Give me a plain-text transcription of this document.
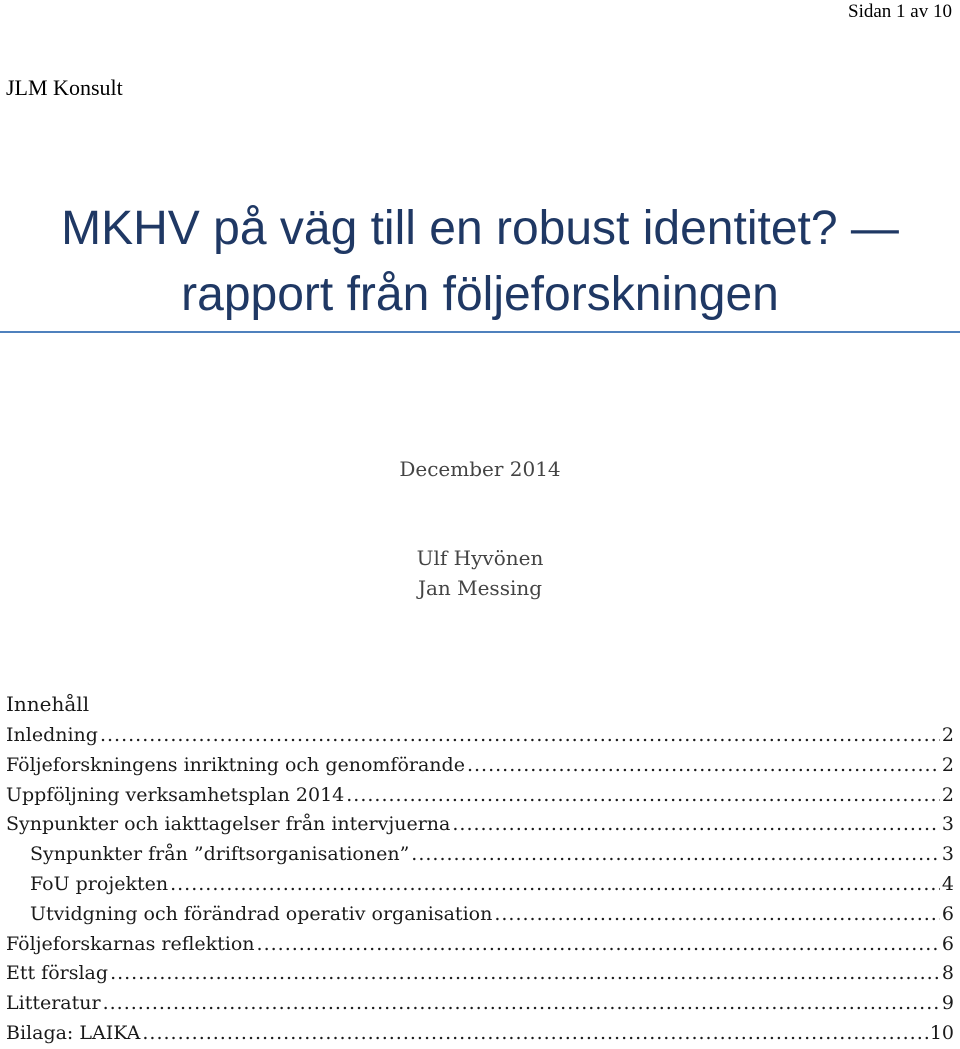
Sidan 1 av 10
JLM Konsult
MKHV på väg till en robust identitet? —
rapport från följeforskningen
December 2014
Ulf Hyvönen
Jan Messing
Innehåll
Inledning .....	2
Följeforskningens inriktning och genomförande .....	2
Uppföljning verksamhetsplan 2014 .....	2
Synpunkter och iakttagelser från intervjuerna .....	3
Synpunkter från ”driftsorganisationen” .....	3
FoU projekten .....	4
Utvidgning och förändrad operativ organisation .....	6
Följeforskarnas reflektion .....	6
Ett förslag .....	8
Litteratur .....	9
Bilaga: LAIKA .....	10
